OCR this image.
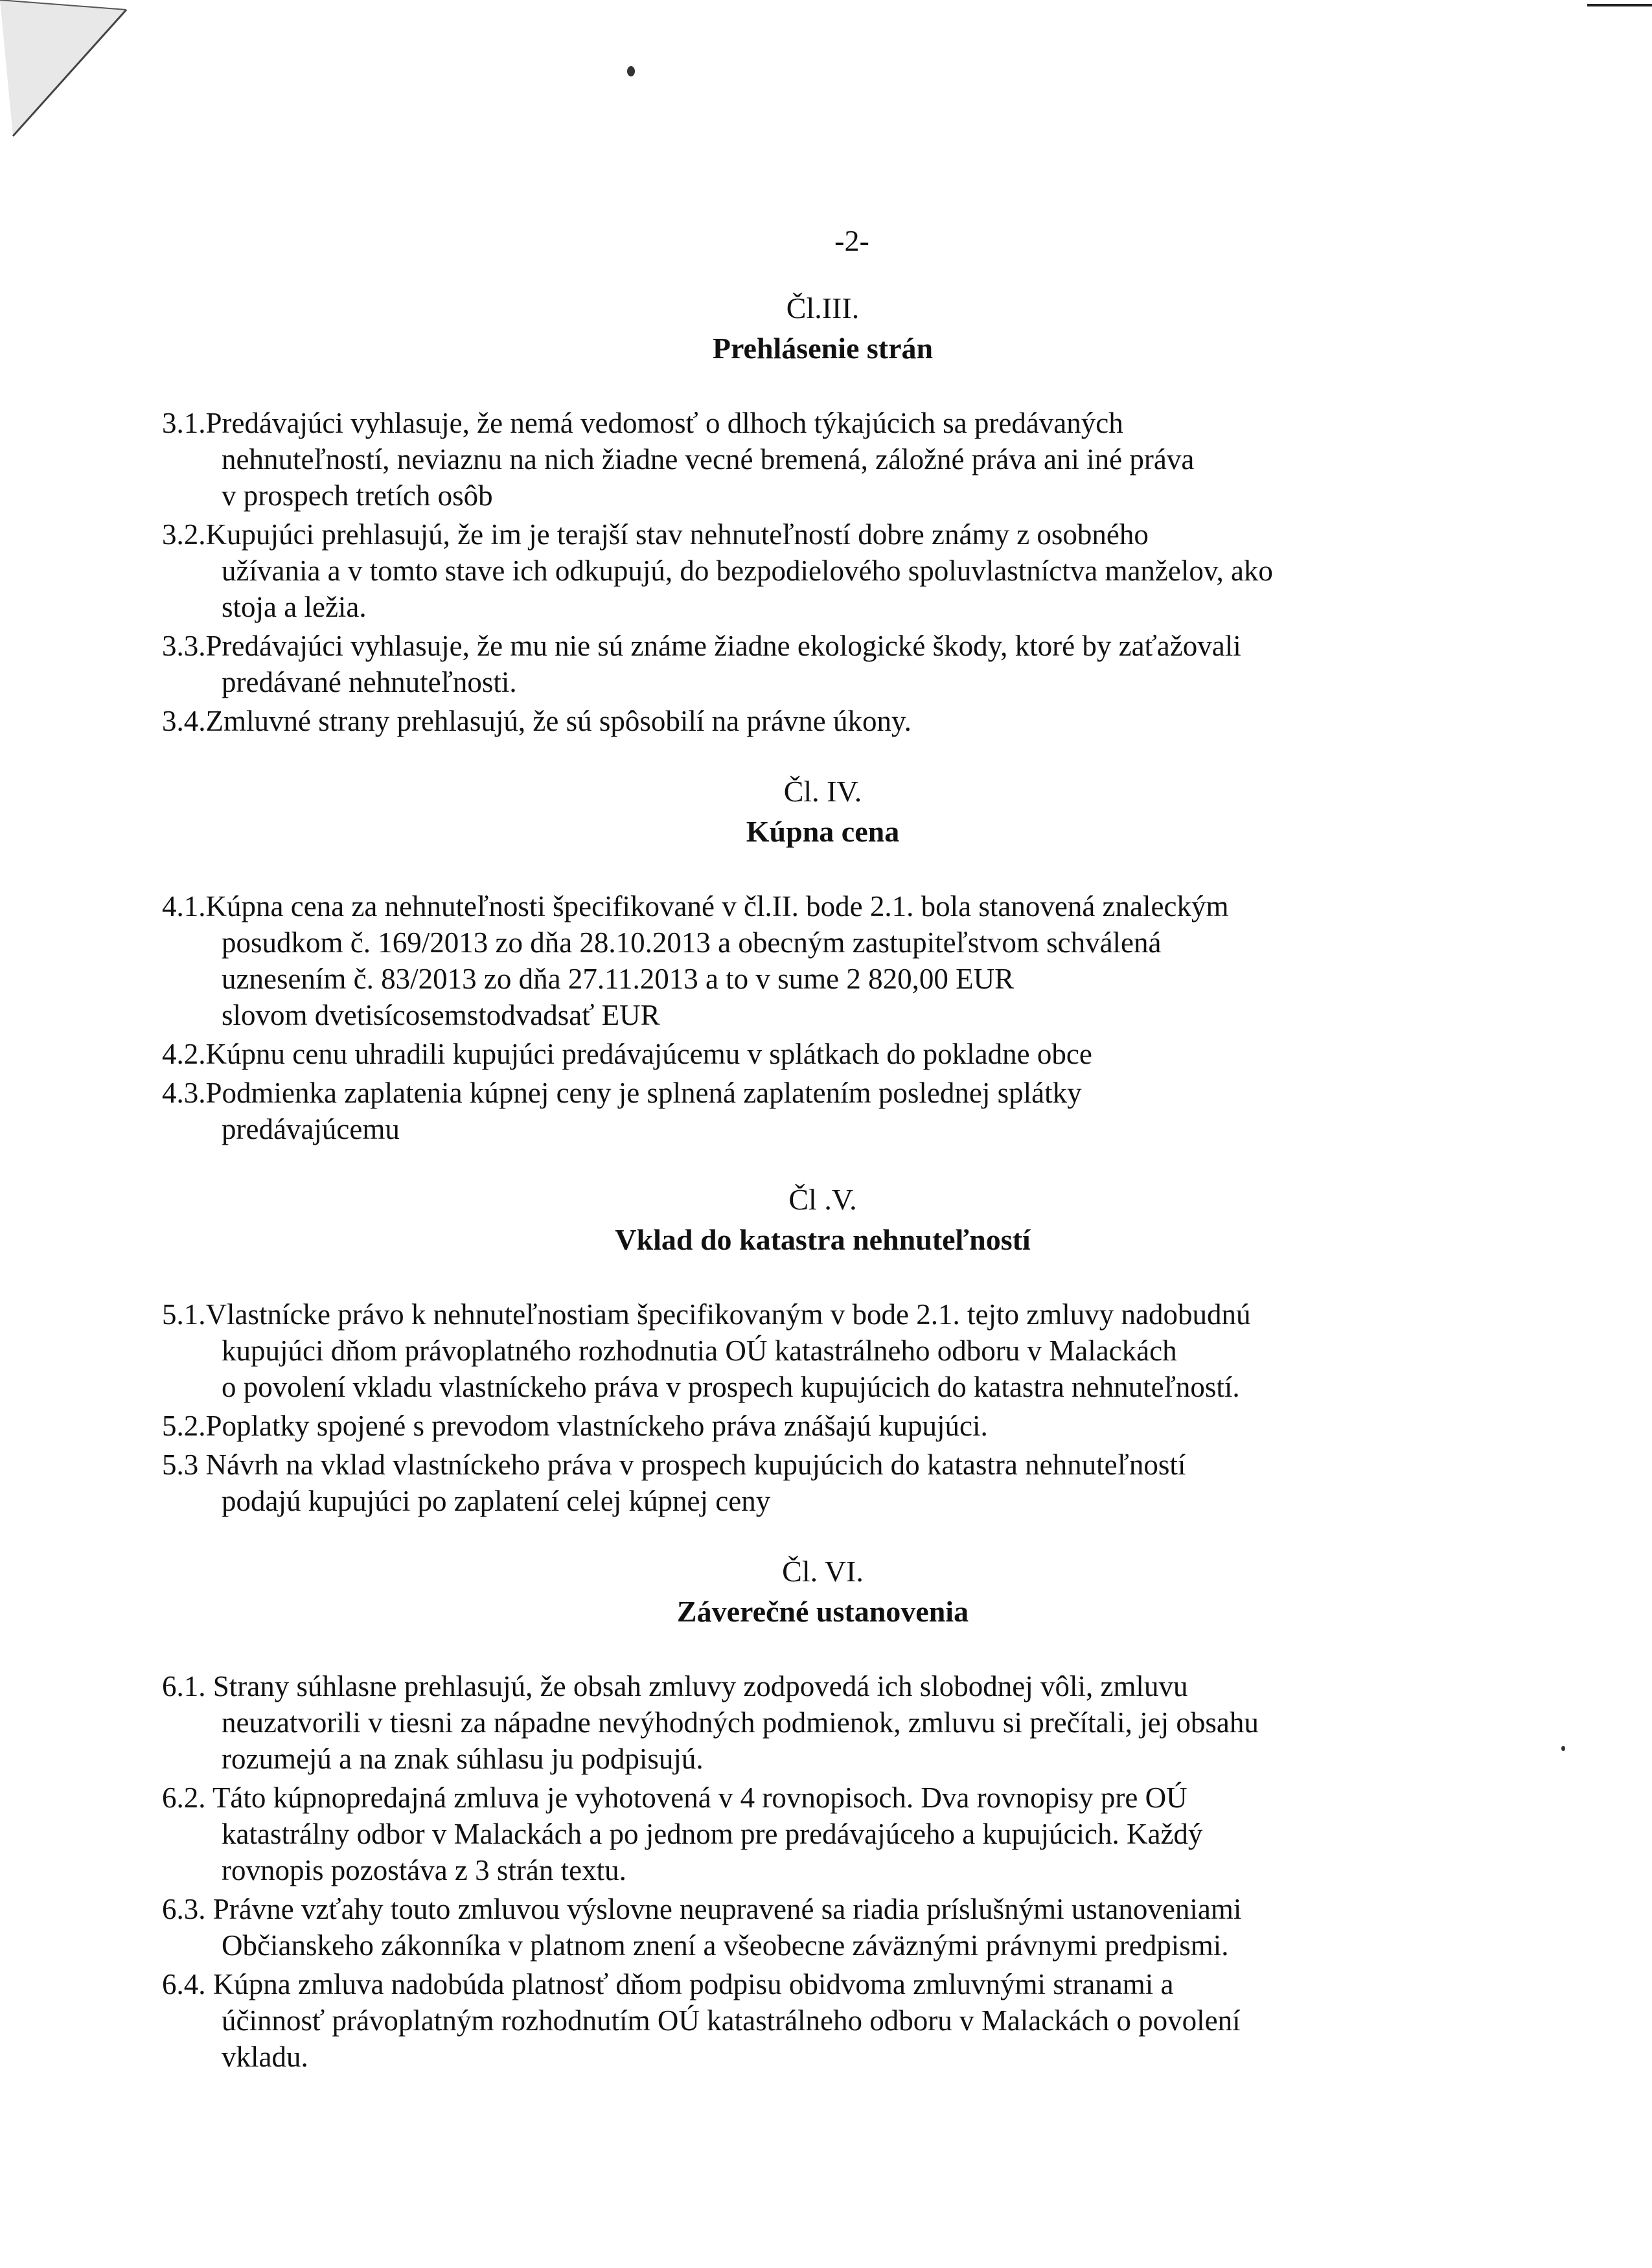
-2-

Čl.III.

Prehlásenie strán

3.1.Predávajúci vyhlasuje, že nemá vedomosť o dlhoch týkajúcich sa predávaných

nehnuteľností, neviaznu na nich žiadne vecné bremená, záložné práva ani iné práva

v prospech tretích osôb

3.2.Kupujúci prehlasujú, že im je terajší stav nehnuteľností dobre známy z osobného

užívania a v tomto stave ich odkupujú, do bezpodielového spoluvlastníctva manželov, ako

stoja a ležia.

3.3.Predávajúci vyhlasuje, že mu nie sú známe žiadne ekologické škody, ktoré by zaťažovali

predávané nehnuteľnosti.

3.4.Zmluvné strany prehlasujú, že sú spôsobilí na právne úkony.

Čl. IV.

Kúpna cena

4.1.Kúpna cena za nehnuteľnosti špecifikované v čl.II. bode 2.1. bola stanovená znaleckým

posudkom č. 169/2013 zo dňa 28.10.2013 a obecným zastupiteľstvom schválená

uznesením č. 83/2013 zo dňa 27.11.2013 a to v sume 2 820,00 EUR

slovom dvetisícosemstodvadsať EUR

4.2.Kúpnu cenu uhradili kupujúci predávajúcemu v splátkach do pokladne obce

4.3.Podmienka zaplatenia kúpnej ceny je splnená zaplatením poslednej splátky

predávajúcemu

Čl .V.

Vklad do katastra nehnuteľností

5.1.Vlastnícke právo k nehnuteľnostiam špecifikovaným v bode 2.1. tejto zmluvy nadobudnú

kupujúci dňom právoplatného rozhodnutia OÚ katastrálneho odboru v Malackách

o povolení vkladu vlastníckeho práva v prospech kupujúcich do katastra nehnuteľností.

5.2.Poplatky spojené s prevodom vlastníckeho práva znášajú kupujúci.

5.3 Návrh na vklad vlastníckeho práva v prospech kupujúcich do katastra nehnuteľností

podajú kupujúci po zaplatení celej kúpnej ceny

Čl. VI.

Záverečné ustanovenia

6.1. Strany súhlasne prehlasujú, že obsah zmluvy zodpovedá ich slobodnej vôli, zmluvu

neuzatvorili v tiesni za nápadne nevýhodných podmienok, zmluvu si prečítali, jej obsahu

rozumejú a na znak súhlasu ju podpisujú.

6.2. Táto kúpnopredajná zmluva je vyhotovená v 4 rovnopisoch. Dva rovnopisy pre OÚ

katastrálny odbor v Malackách a po jednom pre predávajúceho a kupujúcich. Každý

rovnopis pozostáva z 3 strán textu.

6.3. Právne vzťahy touto zmluvou výslovne neupravené sa riadia príslušnými ustanoveniami

Občianskeho zákonníka v platnom znení a všeobecne záväznými právnymi predpismi.

6.4. Kúpna zmluva nadobúda platnosť dňom podpisu obidvoma zmluvnými stranami a

účinnosť právoplatným rozhodnutím OÚ katastrálneho odboru v Malackách o povolení

vkladu.
